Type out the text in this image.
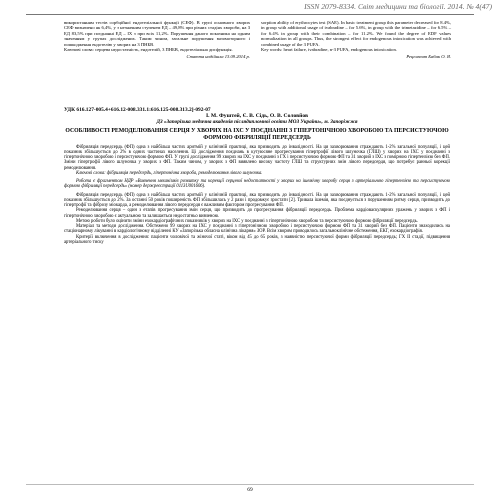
ISSN 2079-8334. Світ медицини та біології. 2014. № 4(47)

використанням тестів сорбційної ендотеліальної функції (СЕФ). В групі основного хворих СЕФ визначено як 6,4%, у з незначним ступенем ЕД – 49,8% при різних стадіях хвороби, на 3 ЕД 83,5% при поєднанні ЕД – ІХ з при всіх 11,2%. Порушення даного показника на одним значенням у групах досліджених. Таким чином, загальне порушення вазомоторного і пошкодження ендотелію у хворих на 3 ПНБВ.

Ключові слова: серцева недостатність, ендотелій, 3 ПНБВ, ендотеліальна дисфункція.

Стаття надійшла 13.09.2014 р.

sorption ability of erythrocytes test (SAE). In basic treatment group this parameter decreased for 8.4%, in group with additional usage of ivabradine – for 5.6%, in group with the trimetazidine – for 6.5% – for 6.4% in group with their combination – for 11.2%. We found the degree of EDF values normalization in all groups. Thus, the strongest effect for endogenous intoxication was achieved with combined usage of the 3 PUFA.

Key words: heart failure, ivabradine, n-3 PUFA, endogenous intoxication.

Рецензент Бабак О. Я.
УДК 616.127-005.4+616.12-008.331.1:616.125-008.313.2]-092-07
І. М. Фуштей, Є. В. Сідь, О. В. Соловйов
ДЗ «Запорізька медична академія післядипломної освіти МОЗ України», м. Запоріжжя
ОСОБЛИВОСТІ РЕМОДЕЛЮВАННЯ СЕРЦЯ У ХВОРИХ НА ІХС У ПОЄДНАННІ З ГІПЕРТОНІЧНОЮ ХВОРОБОЮ ТА ПЕРСИСТУЮЧОЮ ФОРМОЮ ФІБРИЛЯЦІЇ ПЕРЕДСЕРДЬ

Фібриляція передсердь (ФП) одна з найбільш частих аритмій у клінічній практиці, яка призводить до інвалідності. На ця захворювання страждають 1-2% загальної популяції, і цей показник збільшується до 2% в одних частинах населення. Ці дослідження поєднань в кутуюсяне прогресування гіпертрофії лівого шлуночка (ГЛШ) у хворих на ІХС у поєднанні з гіпертонічною хворобою і персистуючою формою ФП. У групі дослідження 99 хворих на ІХС у поєднанні з ГХ і персистуючою формою ФП та 31 хворий з ІХС з помірною гіпертензією без ФП. Зміни гіпертрофії лівого шлуночка у хворих з ФП. Таким чином, у хворих з ФП виявлено високу частоту ГЛШ та структурних змін лівого передсердя, що потребує ранньої корекції ремоделювання.

Ключові слова: фібриляція передсердь, гіпертонічна хвороба, ремоделювання лівого шлуночка.

Робота є фрагментом НДР «Вивчення механізмів розвитку та корекції серцевої недостатності у хворих на ішемічну хворобу серця з артеріальною гіпертензією та персистуючою формою фібриляції передсердь» (номер держреєстрації 0113U001606).

Фібриляція передсердь (ФП) одна з найбільш частих аритмій у клінічній практиці, яка призводить до інвалідності. На ця захворювання страждають 1-2% загальної популяції, і цей показник збільшується до 2%. За останні 50 років поширеність ФП збільшилась у 2 рази і продовжує зростати [2]. Тривала ішемія, яка поєднується з порушенням ритму серця, призводить до гіпертрофії та фіброзу міокарда, а ремоделювання лівого передсердя є важливим фактором прогресування ФП.

Ремоделювання серця – один з етапів прогресування змін серця, що призводить до прогресування фібриляції передсердь. Проблема кардіоваскулярних уражень у хворих з ФП і гіпертонічною хворобою є актуальною та залишається недостатньо вивченою.

Метою роботи було оцінити зміни ехокардіографічних показників у хворих на ІХС у поєднанні з гіпертонічною хворобою та персистуючою формою фібриляції передсердь.

Матеріал та методи дослідження. Обстежено 99 хворих на ІХС у поєднанні з гіпертонічною хворобою і персистуючою формою ФП та 31 хворий без ФП. Пацієнти знаходились на стаціонарному лікуванні в кардіологічному відділенні КУ «Запорізька обласна клінічна лікарня» ЗОР. Всім хворим проводилось загальноклінічне обстеження, ЕКГ, ехокардіографія.

Критерії включення в дослідження: пацієнти чоловічої та жіночої статі, віком від 45 до 65 років, з наявністю персистуючої форми фібриляції передсердь; ГХ ІІ стадії, підвищення артеріального тиску

69
